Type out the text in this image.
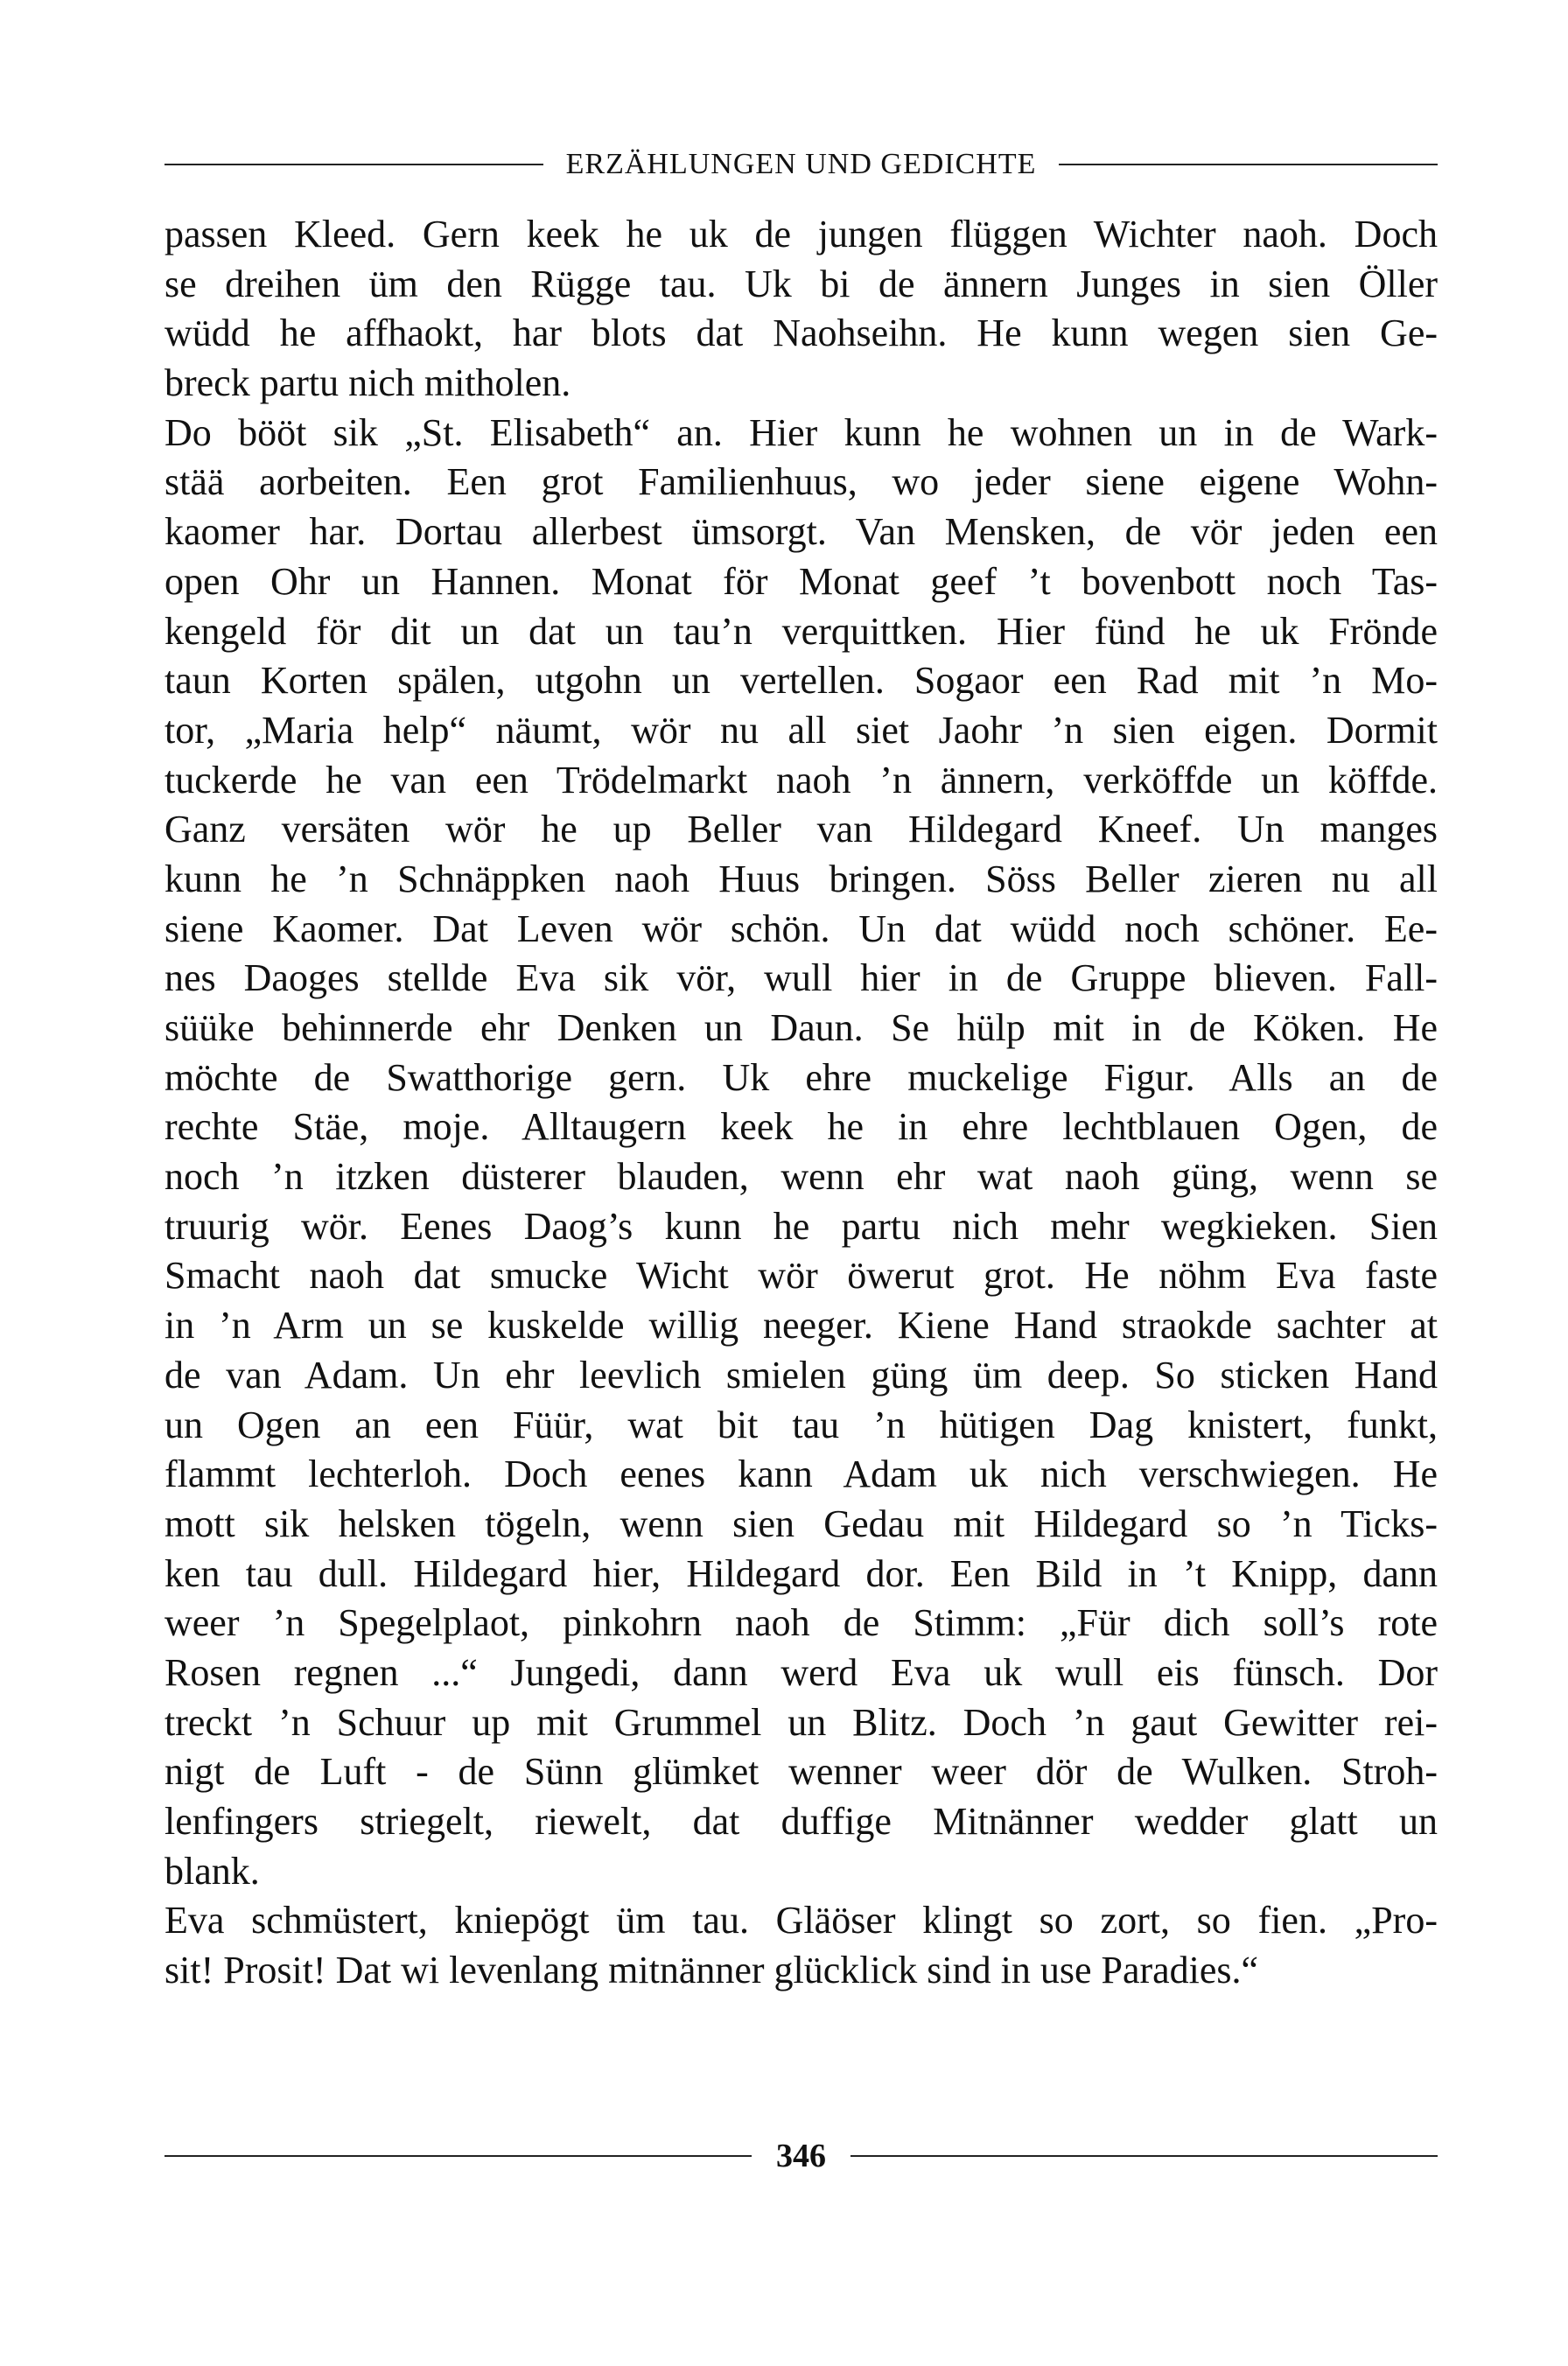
ERZÄHLUNGEN UND GEDICHTE
passen Kleed. Gern keek he uk de jungen flüggen Wichter naoh. Doch
se dreihen üm den Rügge tau. Uk bi de ännern Junges in sien Öller
wüdd he affhaokt, har blots dat Naohseihn. He kunn wegen sien Ge-
breck partu nich mitholen.
Do bööt sik „St. Elisabeth“ an. Hier kunn he wohnen un in de Wark-
stää aorbeiten. Een grot Familienhuus, wo jeder siene eigene Wohn-
kaomer har. Dortau allerbest ümsorgt. Van Mensken, de vör jeden een
open Ohr un Hannen. Monat för Monat geef ’t bovenbott noch Tas-
kengeld för dit un dat un tau’n verquittken. Hier fünd he uk Frönde
taun Korten spälen, utgohn un vertellen. Sogaor een Rad mit ’n Mo-
tor, „Maria help“ näumt, wör nu all siet Jaohr ’n sien eigen. Dormit
tuckerde he van een Trödelmarkt naoh ’n ännern, verköffde un köffde.
Ganz versäten wör he up Beller van Hildegard Kneef. Un manges
kunn he ’n Schnäppken naoh Huus bringen. Söss Beller zieren nu all
siene Kaomer. Dat Leven wör schön. Un dat wüdd noch schöner. Ee-
nes Daoges stellde Eva sik vör, wull hier in de Gruppe blieven. Fall-
süüke behinnerde ehr Denken un Daun. Se hülp mit in de Köken. He
möchte de Swatthorige gern. Uk ehre muckelige Figur. Alls an de
rechte Stäe, moje. Alltaugern keek he in ehre lechtblauen Ogen, de
noch ’n itzken düsterer blauden, wenn ehr wat naoh güng, wenn se
truurig wör. Eenes Daog’s kunn he partu nich mehr wegkieken. Sien
Smacht naoh dat smucke Wicht wör öwerut grot. He nöhm Eva faste
in ’n Arm un se kuskelde willig neeger. Kiene Hand straokde sachter at
de van Adam. Un ehr leevlich smielen güng üm deep. So sticken Hand
un Ogen an een Füür, wat bit tau ’n hütigen Dag knistert, funkt,
flammt lechterloh. Doch eenes kann Adam uk nich verschwiegen. He
mott sik helsken tögeln, wenn sien Gedau mit Hildegard so ’n Ticks-
ken tau dull. Hildegard hier, Hildegard dor. Een Bild in ’t Knipp, dann
weer ’n Spegelplaot, pinkohrn naoh de Stimm: „Für dich soll’s rote
Rosen regnen ...“ Jungedi, dann werd Eva uk wull eis fünsch. Dor
treckt ’n Schuur up mit Grummel un Blitz. Doch ’n gaut Gewitter rei-
nigt de Luft - de Sünn glümket wenner weer dör de Wulken. Stroh-
lenfingers striegelt, riewelt, dat duffige Mitnänner wedder glatt un
blank.
Eva schmüstert, kniepögt üm tau. Gläöser klingt so zort, so fien. „Pro-
sit! Prosit! Dat wi levenlang mitnänner glücklick sind in use Paradies.“
346
